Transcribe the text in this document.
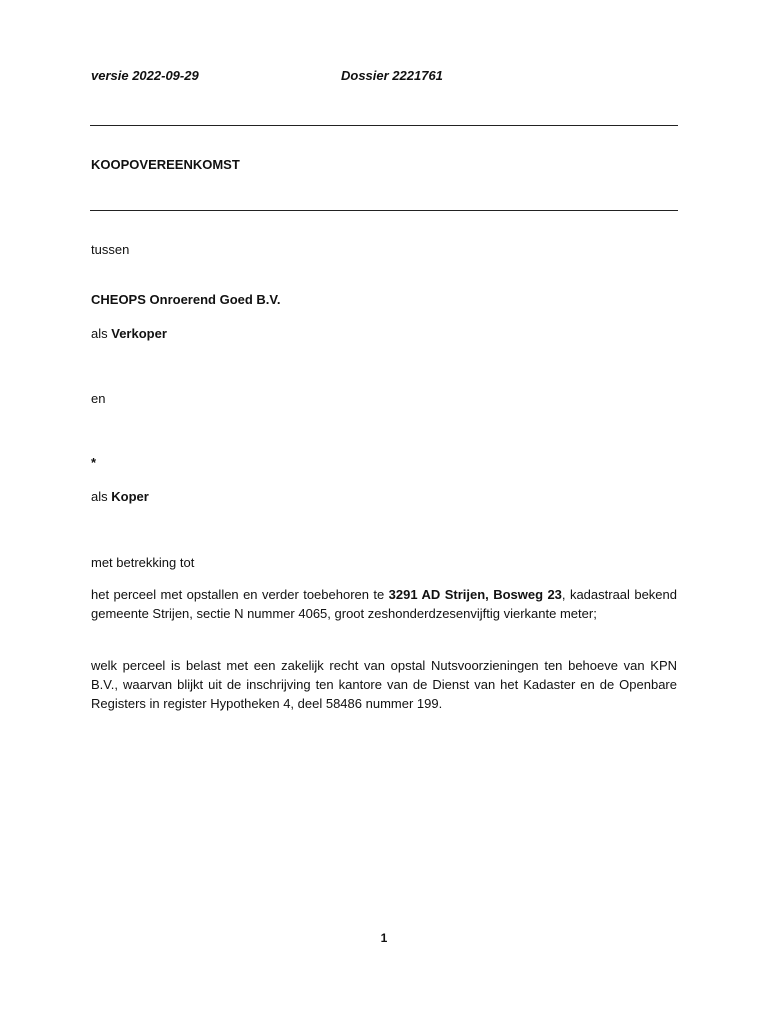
versie 2022-09-29	Dossier 2221761
KOOPOVEREENKOMST
tussen
CHEOPS Onroerend Goed B.V.
als Verkoper
en
*
als Koper
met betrekking tot
het perceel met opstallen en verder toebehoren te 3291 AD Strijen, Bosweg 23, kadastraal bekend gemeente Strijen, sectie N nummer 4065, groot zeshonderdzesenvijftig vierkante meter;
welk perceel is belast met een zakelijk recht van opstal Nutsvoorzieningen ten behoeve van KPN B.V., waarvan blijkt uit de inschrijving ten kantore van de Dienst van het Kadaster en de Openbare Registers in register Hypotheken 4, deel 58486 nummer 199.
1
